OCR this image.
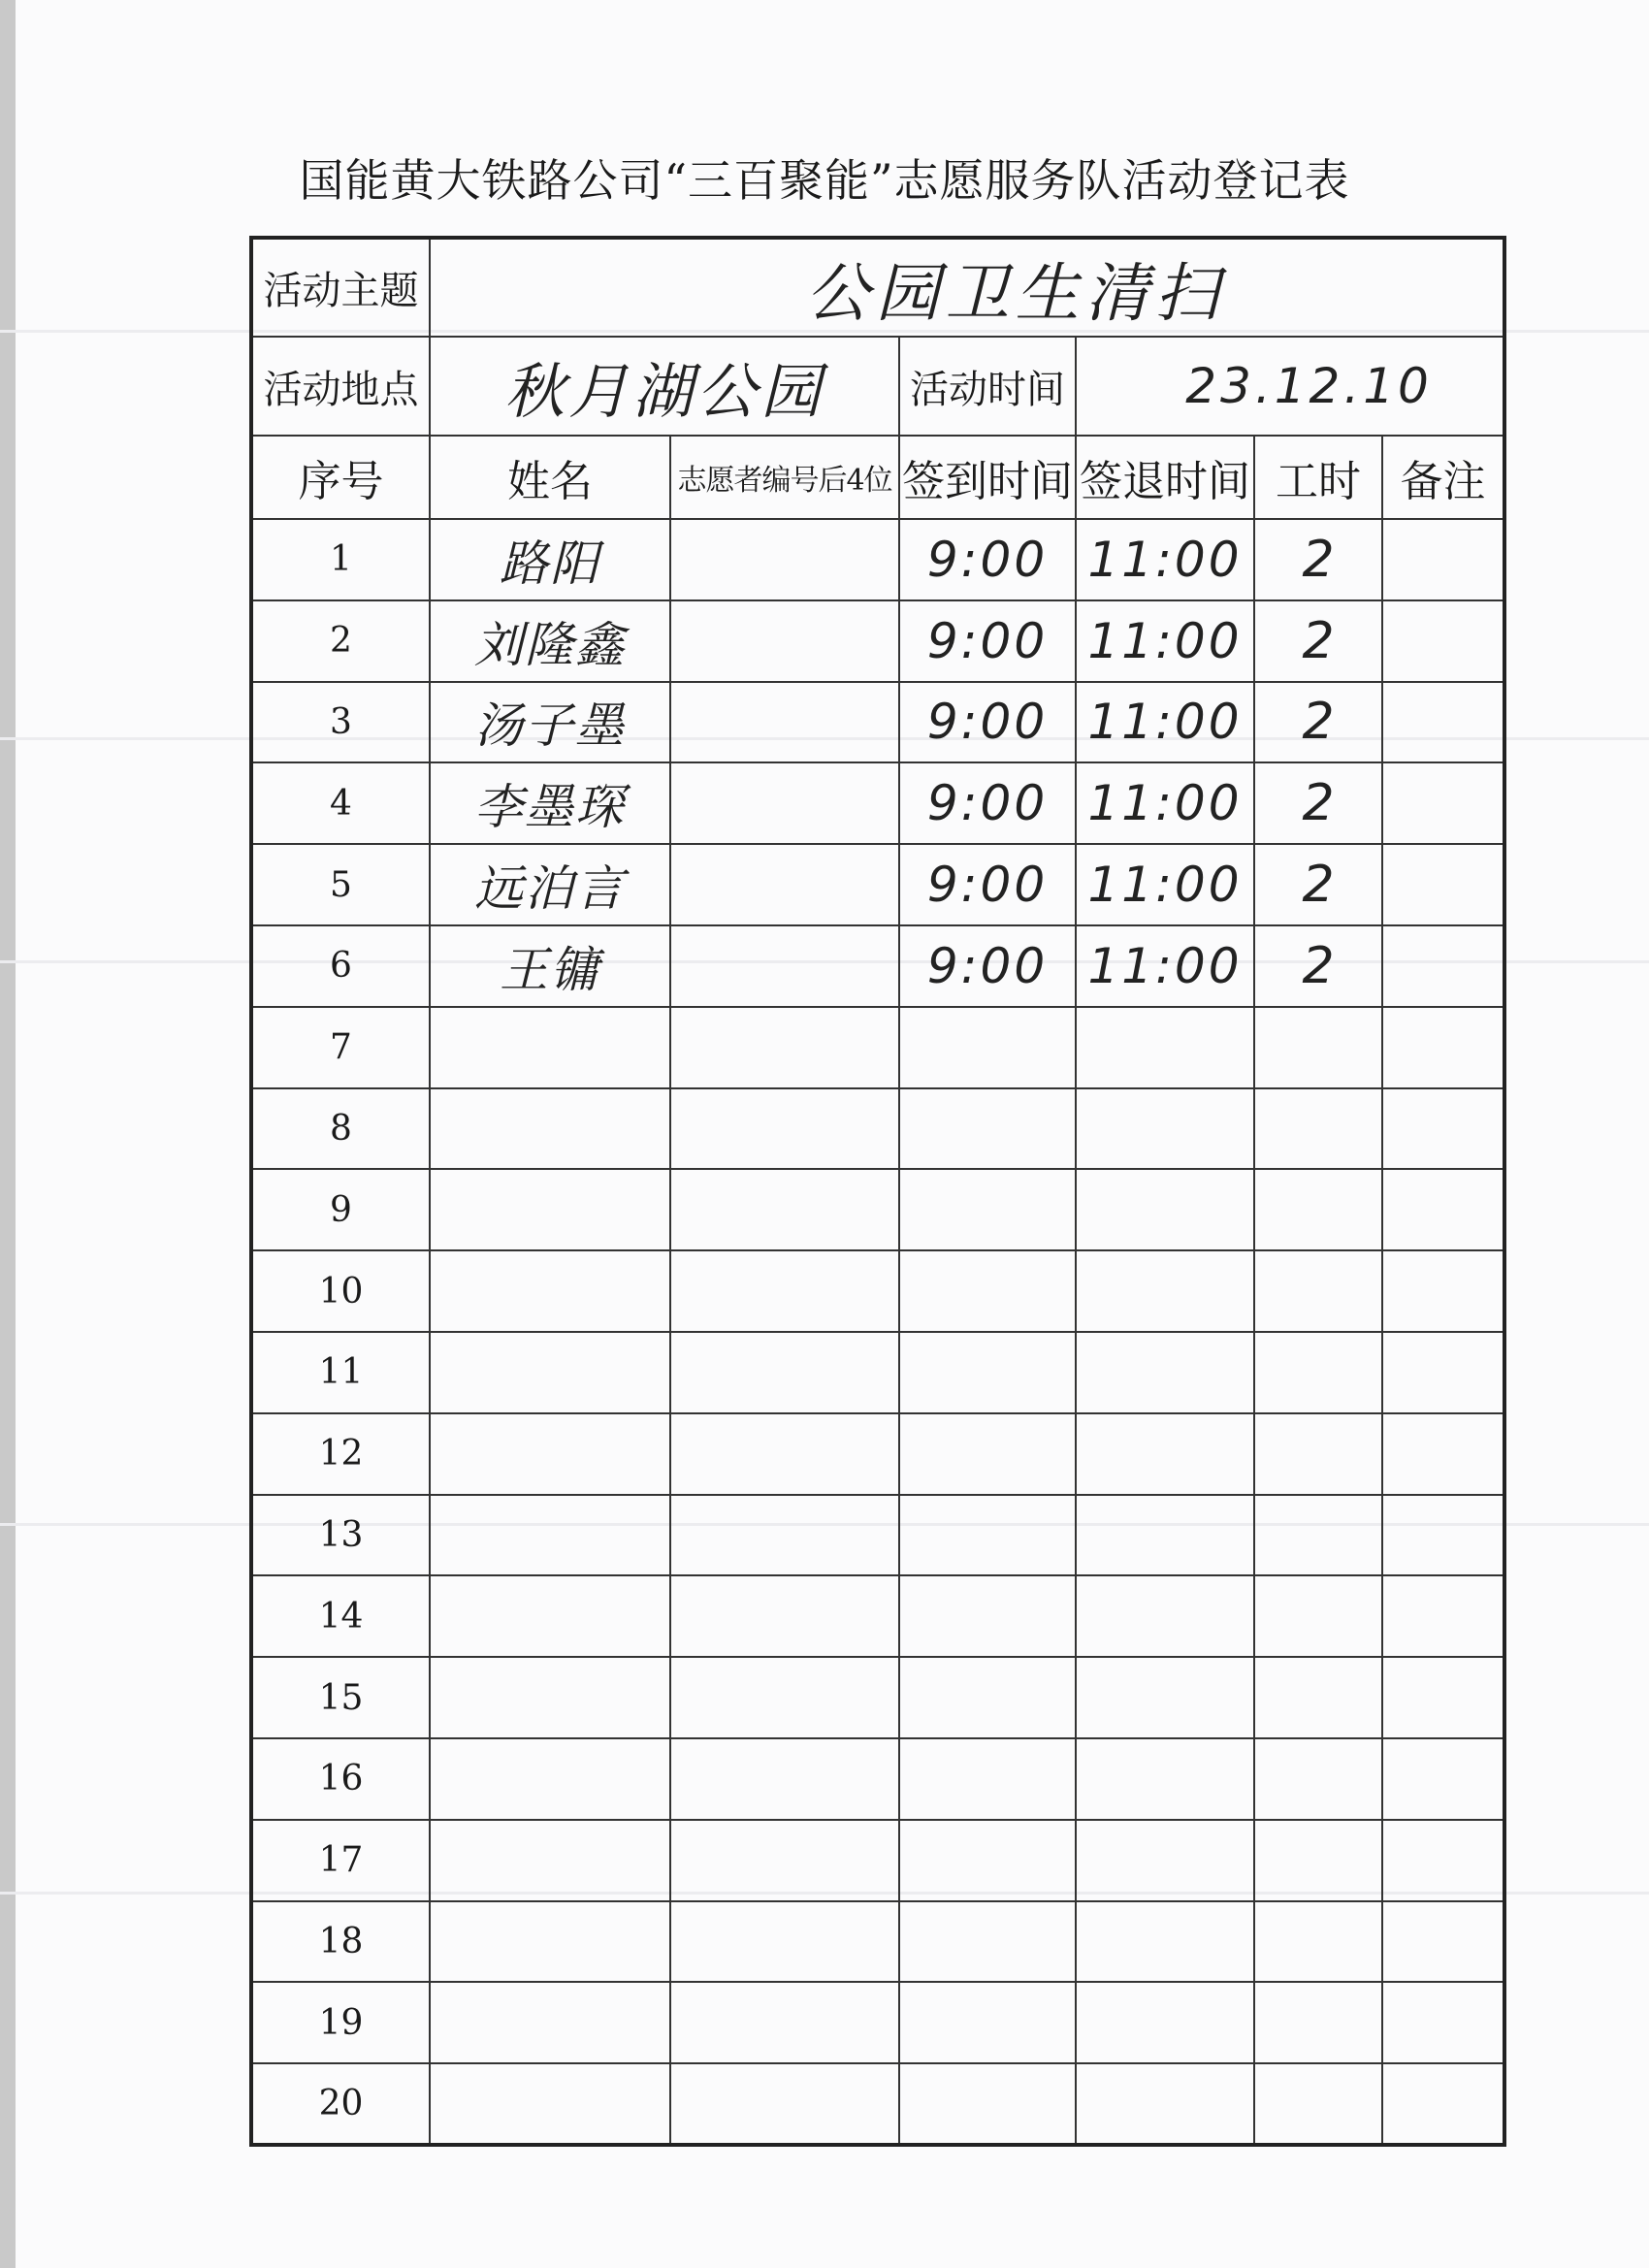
国能黄大铁路公司“三百聚能”志愿服务队活动登记表
活动主题	公园卫生清扫					
活动地点	秋月湖公园		活动时间	23.12.10		
序号	姓名	志愿者编号后4位	签到时间	签退时间	工时	备注
1	路阳		9:00	11:00	2	
2	刘隆鑫		9:00	11:00	2	
3	汤子墨		9:00	11:00	2	
4	李墨琛		9:00	11:00	2	
5	远泊言		9:00	11:00	2	
6	王镛		9:00	11:00	2	
7						
8						
9						
10						
11						
12						
13						
14						
15						
16						
17						
18						
19						
20						
